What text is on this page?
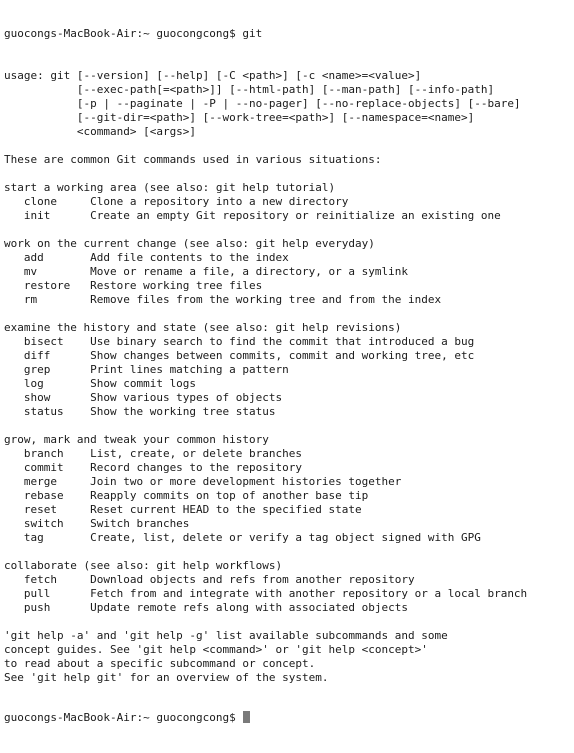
guocongs-MacBook-Air:~ guocongcong$ git

usage: git [--version] [--help] [-C <path>] [-c <name>=<value>]
[--exec-path[=<path>]] [--html-path] [--man-path] [--info-path]
[-p | --paginate | -P | --no-pager] [--no-replace-objects] [--bare]
[--git-dir=<path>] [--work-tree=<path>] [--namespace=<name>]
<command> [<args>]
These are common Git commands used in various situations:
start a working area (see also: git help tutorial)
clone     Clone a repository into a new directory
init      Create an empty Git repository or reinitialize an existing one
work on the current change (see also: git help everyday)
add       Add file contents to the index
mv        Move or rename a file, a directory, or a symlink
restore   Restore working tree files
rm        Remove files from the working tree and from the index
examine the history and state (see also: git help revisions)
bisect    Use binary search to find the commit that introduced a bug
diff      Show changes between commits, commit and working tree, etc
grep      Print lines matching a pattern
log       Show commit logs
show      Show various types of objects
status    Show the working tree status
grow, mark and tweak your common history
branch    List, create, or delete branches
commit    Record changes to the repository
merge     Join two or more development histories together
rebase    Reapply commits on top of another base tip
reset     Reset current HEAD to the specified state
switch    Switch branches
tag       Create, list, delete or verify a tag object signed with GPG
collaborate (see also: git help workflows)
fetch     Download objects and refs from another repository
pull      Fetch from and integrate with another repository or a local branch
push      Update remote refs along with associated objects
'git help -a' and 'git help -g' list available subcommands and some
concept guides. See 'git help <command>' or 'git help <concept>'
to read about a specific subcommand or concept.
See 'git help git' for an overview of the system.

guocongs-MacBook-Air:~ guocongcong$
